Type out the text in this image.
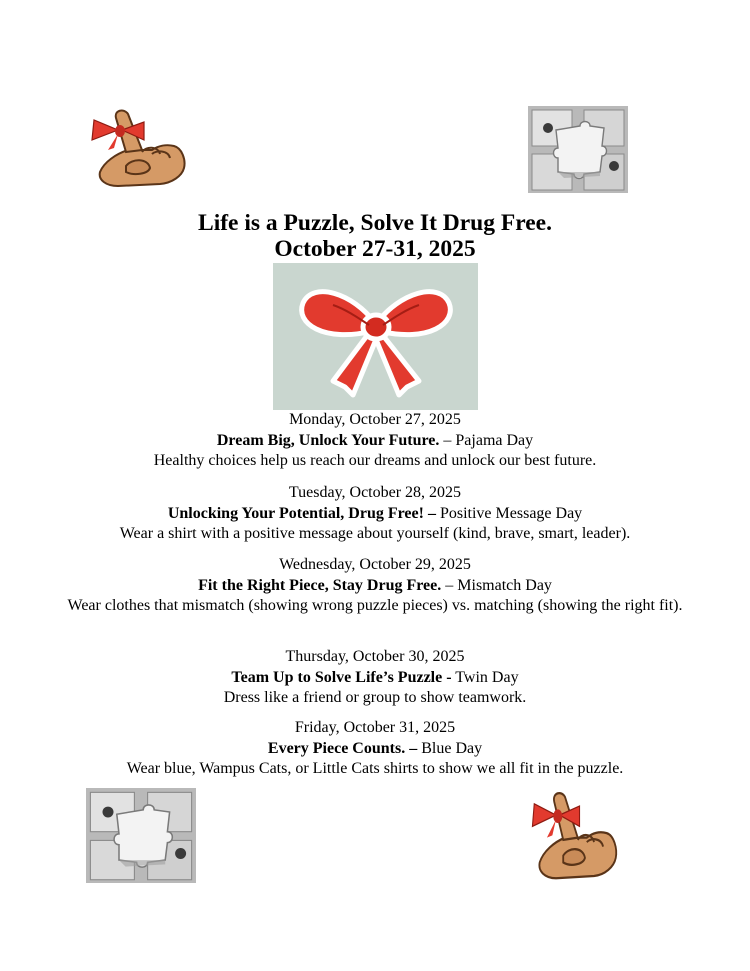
Life is a Puzzle, Solve It Drug Free.
October 27-31, 2025

Monday, October 27, 2025

Dream Big, Unlock Your Future. – Pajama Day

Healthy choices help us reach our dreams and unlock our best future.

Tuesday, October 28, 2025

Unlocking Your Potential, Drug Free! – Positive Message Day

Wear a shirt with a positive message about yourself (kind, brave, smart, leader).

Wednesday, October 29, 2025

Fit the Right Piece, Stay Drug Free. – Mismatch Day

Wear clothes that mismatch (showing wrong puzzle pieces) vs. matching (showing the right fit).

Thursday, October 30, 2025

Team Up to Solve Life’s Puzzle - Twin Day

Dress like a friend or group to show teamwork.

Friday, October 31, 2025

Every Piece Counts. – Blue Day

Wear blue, Wampus Cats, or Little Cats shirts to show we all fit in the puzzle.
